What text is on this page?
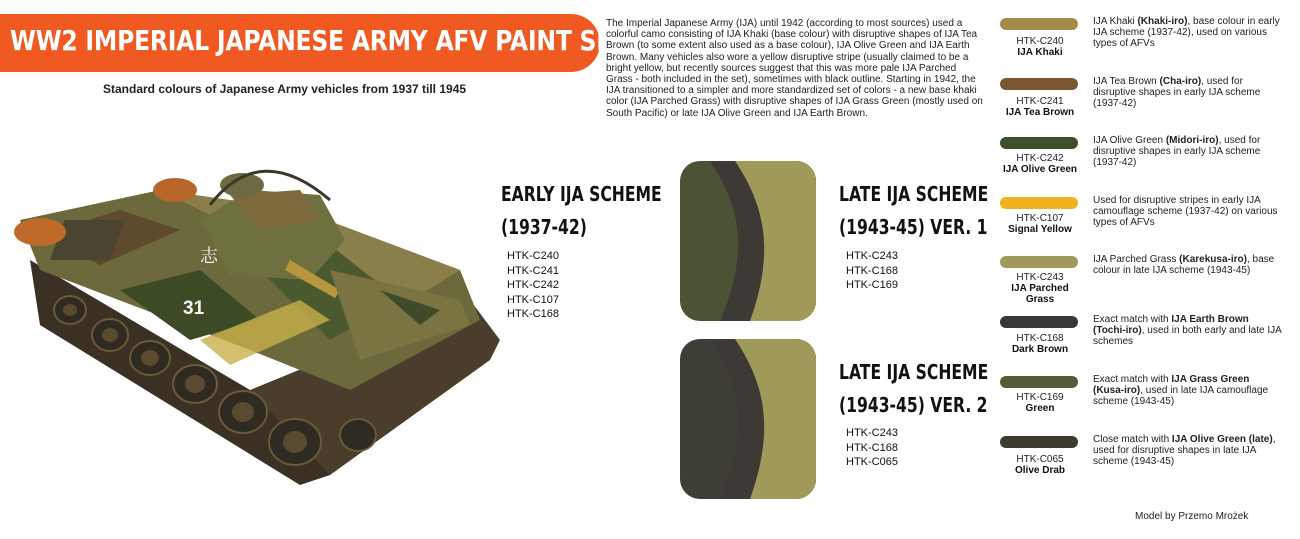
WW2 IMPERIAL JAPANESE ARMY AFV PAINT SET
Standard colours of Japanese Army vehicles from 1937 till 1945
The Imperial Japanese Army (IJA) until 1942 (according to most sources) used a colorful camo consisting of IJA Khaki (base colour) with disruptive shapes of IJA Tea Brown (to some extent also used as a base colour), IJA Olive Green and IJA Earth Brown. Many vehicles also wore a yellow disruptive stripe (usually claimed to be a bright yellow, but recently sources suggest that this was more pale IJA Parched Grass - both included in the set), sometimes with black outline. Starting in 1942, the IJA transitioned to a simpler and more standardized set of colors - a new base khaki color (IJA Parched Grass) with disruptive shapes of IJA Grass Green (mostly used on South Pacific) or late IJA Olive Green and IJA Earth Brown.
志
31
EARLY IJA SCHEME
(1937-42)
HTK-C240
HTK-C241
HTK-C242
HTK-C107
HTK-C168
LATE IJA SCHEME
(1943-45) VER. 1
HTK-C243
HTK-C168
HTK-C169
LATE IJA SCHEME
(1943-45) VER. 2
HTK-C243
HTK-C168
HTK-C065
HTK-C240
IJA Khaki
IJA Khaki (Khaki-iro), base colour in early IJA scheme (1937-42), used on various types of AFVs
HTK-C241
IJA Tea Brown
IJA Tea Brown (Cha-iro), used for disruptive shapes in early IJA scheme (1937-42)
HTK-C242
IJA Olive Green
IJA Olive Green (Midori-iro), used for disruptive shapes in early IJA scheme (1937-42)
HTK-C107
Signal Yellow
Used for disruptive stripes in early IJA camouflage scheme (1937-42) on various types of AFVs
HTK-C243
IJA Parched Grass
IJA Parched Grass (Karekusa-iro), base colour in late IJA scheme (1943-45)
HTK-C168
Dark Brown
Exact match with IJA Earth Brown (Tochi-iro), used in both early and late IJA schemes
HTK-C169
Green
Exact match with IJA Grass Green (Kusa-iro), used in late IJA camouflage scheme (1943-45)
HTK-C065
Olive Drab
Close match with IJA Olive Green (late), used for disruptive shapes in late IJA scheme (1943-45)
Model by Przemo Mrożek
